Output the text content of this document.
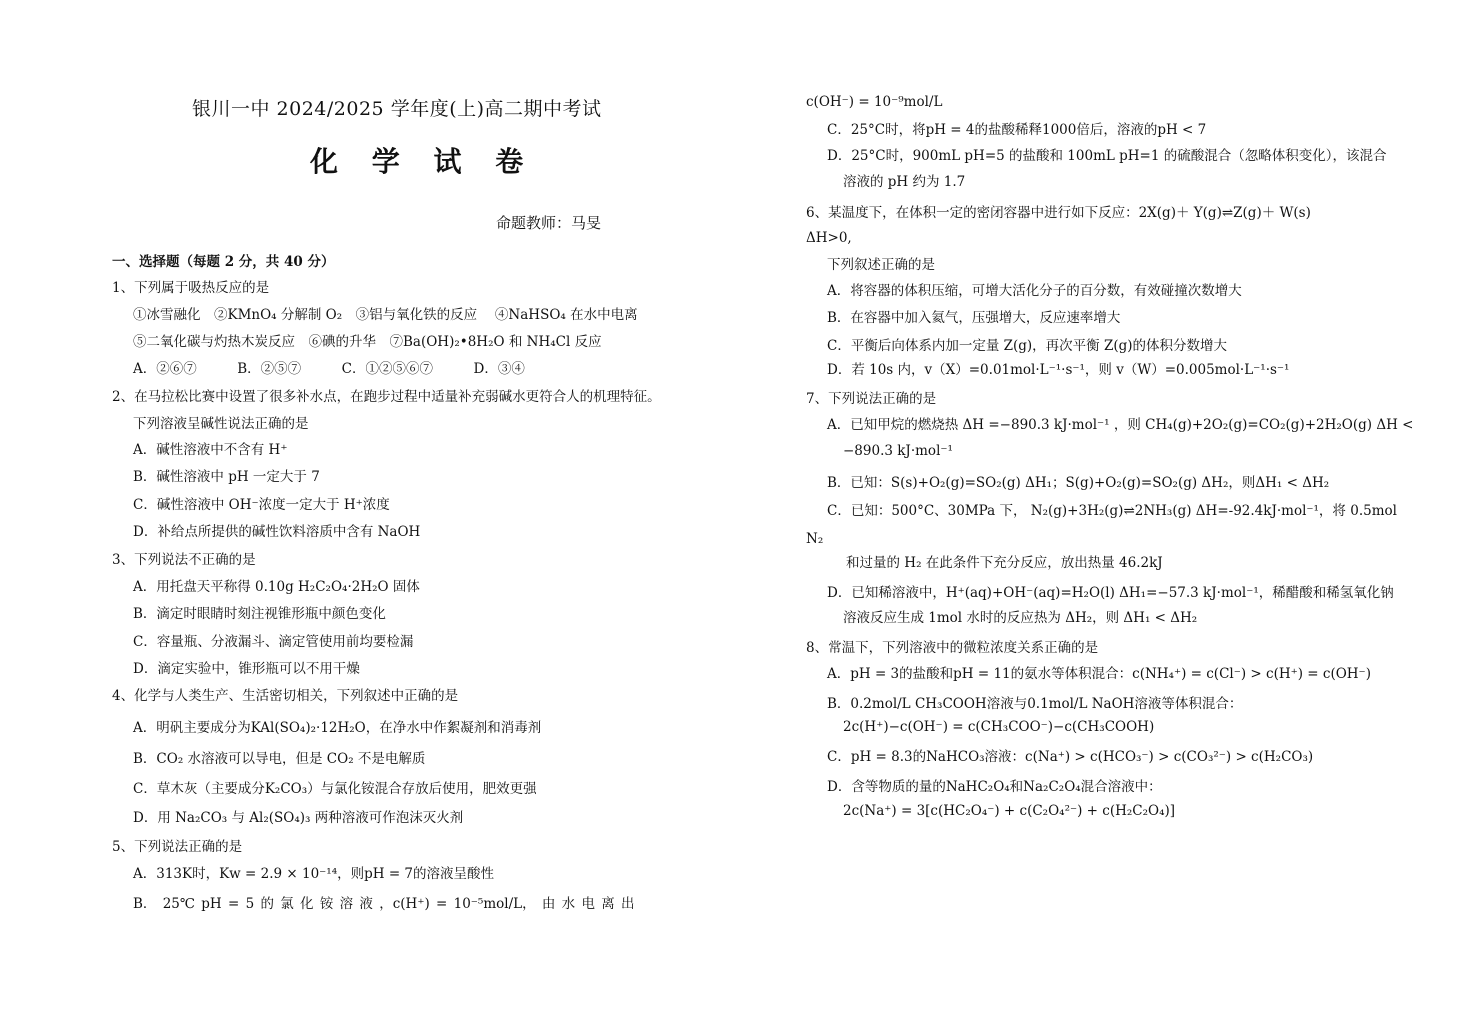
银川一中 2024/2025 学年度(上)高二期中考试
化 学 试 卷
命题教师：马旻
一、选择题（每题 2 分，共 40 分）
1、下列属于吸热反应的是
①冰雪融化　②KMnO₄ 分解制 O₂　③铝与氧化铁的反应　 ④NaHSO₄ 在水中电离
⑤二氧化碳与灼热木炭反应　⑥碘的升华　⑦Ba(OH)₂•8H₂O 和 NH₄Cl 反应
A．②⑥⑦　　　B．②⑤⑦　　　C．①②⑤⑥⑦　　　D．③④
2、在马拉松比赛中设置了很多补水点，在跑步过程中适量补充弱碱水更符合人的机理特征。
下列溶液呈碱性说法正确的是
A．碱性溶液中不含有 H⁺
B．碱性溶液中 pH 一定大于 7
C．碱性溶液中 OH⁻浓度一定大于 H⁺浓度
D．补给点所提供的碱性饮料溶质中含有 NaOH
3、下列说法不正确的是
A．用托盘天平称得 0.10g H₂C₂O₄·2H₂O 固体
B．滴定时眼睛时刻注视锥形瓶中颜色变化
C．容量瓶、分液漏斗、滴定管使用前均要检漏
D．滴定实验中，锥形瓶可以不用干燥
4、化学与人类生产、生活密切相关，下列叙述中正确的是
A．明矾主要成分为KAl(SO₄)₂·12H₂O，在净水中作絮凝剂和消毒剂
B．CO₂ 水溶液可以导电，但是 CO₂ 不是电解质
C．草木灰（主要成分K₂CO₃）与氯化铵混合存放后使用，肥效更强
D．用 Na₂CO₃ 与 Al₂(SO₄)₃ 两种溶液可作泡沫灭火剂
5、下列说法正确的是
A．313K时，Kw = 2.9 × 10⁻¹⁴，则pH = 7的溶液呈酸性
B． 25℃ pH = 5 的 氯 化 铵 溶 液 ，c(H⁺) = 10⁻⁵mol/L， 由 水 电 离 出
c(OH⁻) = 10⁻⁹mol/L
C．25°C时，将pH = 4的盐酸稀释1000倍后，溶液的pH < 7
D．25°C时，900mL pH=5 的盐酸和 100mL pH=1 的硫酸混合（忽略体积变化），该混合
溶液的 pH 约为 1.7
6、某温度下，在体积一定的密闭容器中进行如下反应：2X(g)＋ Y(g)⇌Z(g)＋ W(s)
ΔH>0,
下列叙述正确的是
A．将容器的体积压缩，可增大活化分子的百分数，有效碰撞次数增大
B．在容器中加入氦气，压强增大，反应速率增大
C．平衡后向体系内加一定量 Z(g)，再次平衡 Z(g)的体积分数增大
D．若 10s 内，v（X）=0.01mol·L⁻¹·s⁻¹，则 v（W）=0.005mol·L⁻¹·s⁻¹
7、下列说法正确的是
A．已知甲烷的燃烧热 ΔH =−890.3 kJ·mol⁻¹ ，则 CH₄(g)+2O₂(g)=CO₂(g)+2H₂O(g) ΔH <
−890.3 kJ·mol⁻¹
B．已知：S(s)+O₂(g)=SO₂(g) ΔH₁；S(g)+O₂(g)=SO₂(g) ΔH₂，则ΔH₁ < ΔH₂
C．已知：500°C、30MPa 下， N₂(g)+3H₂(g)⇌2NH₃(g) ΔH=-92.4kJ·mol⁻¹，将 0.5mol
N₂
和过量的 H₂ 在此条件下充分反应，放出热量 46.2kJ
D．已知稀溶液中，H⁺(aq)+OH⁻(aq)=H₂O(l) ΔH₁=−57.3 kJ·mol⁻¹，稀醋酸和稀氢氧化钠
溶液反应生成 1mol 水时的反应热为 ΔH₂，则 ΔH₁ < ΔH₂
8、常温下，下列溶液中的微粒浓度关系正确的是
A．pH = 3的盐酸和pH = 11的氨水等体积混合：c(NH₄⁺) = c(Cl⁻) > c(H⁺) = c(OH⁻)
B．0.2mol/L CH₃COOH溶液与0.1mol/L NaOH溶液等体积混合：
2c(H⁺)−c(OH⁻) = c(CH₃COO⁻)−c(CH₃COOH)
C．pH = 8.3的NaHCO₃溶液：c(Na⁺) > c(HCO₃⁻) > c(CO₃²⁻) > c(H₂CO₃)
D．含等物质的量的NaHC₂O₄和Na₂C₂O₄混合溶液中：
2c(Na⁺) = 3[c(HC₂O₄⁻) + c(C₂O₄²⁻) + c(H₂C₂O₄)]
